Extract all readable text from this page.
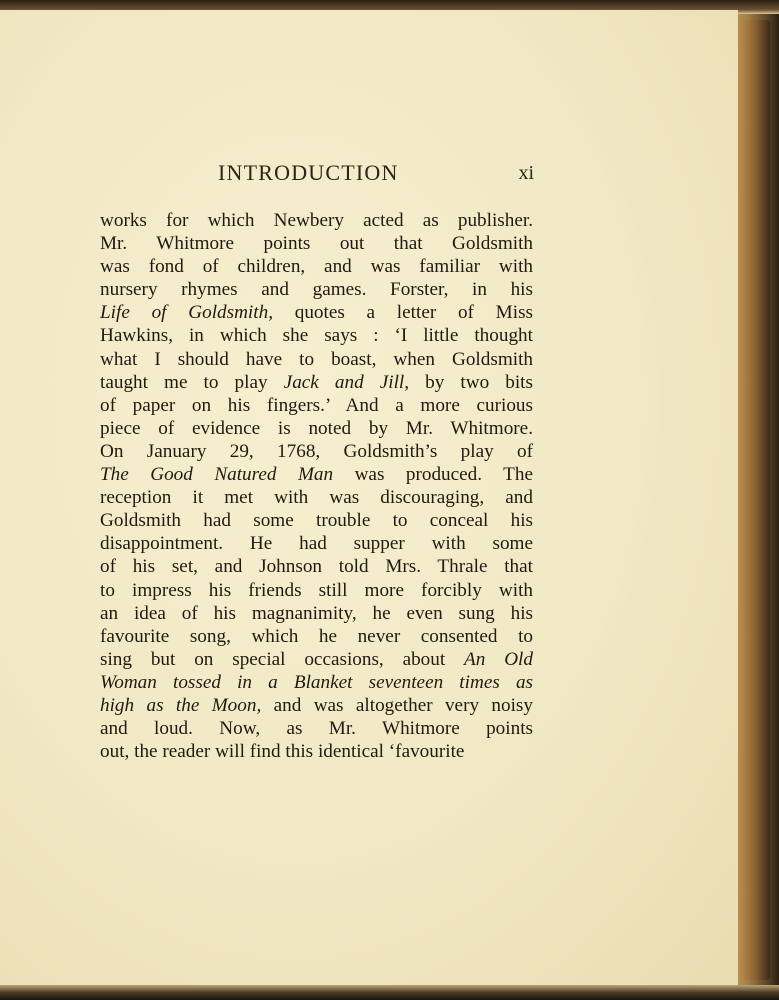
INTRODUCTION	xi
works for which Newbery acted as publisher.
Mr. Whitmore points out that Goldsmith
was fond of children, and was familiar with
nursery rhymes and games. Forster, in his
Life of Goldsmith, quotes a letter of Miss
Hawkins, in which she says : ‘I little thought
what I should have to boast, when Goldsmith
taught me to play Jack and Jill, by two bits
of paper on his fingers.’ And a more curious
piece of evidence is noted by Mr. Whitmore.
On January 29, 1768, Goldsmith’s play of
The Good Natured Man was produced. The
reception it met with was discouraging, and
Goldsmith had some trouble to conceal his
disappointment. He had supper with some
of his set, and Johnson told Mrs. Thrale that
to impress his friends still more forcibly with
an idea of his magnanimity, he even sung his
favourite song, which he never consented to
sing but on special occasions, about An Old
Woman tossed in a Blanket seventeen times as
high as the Moon, and was altogether very noisy
and loud. Now, as Mr. Whitmore points
out, the reader will find this identical ‘favourite
